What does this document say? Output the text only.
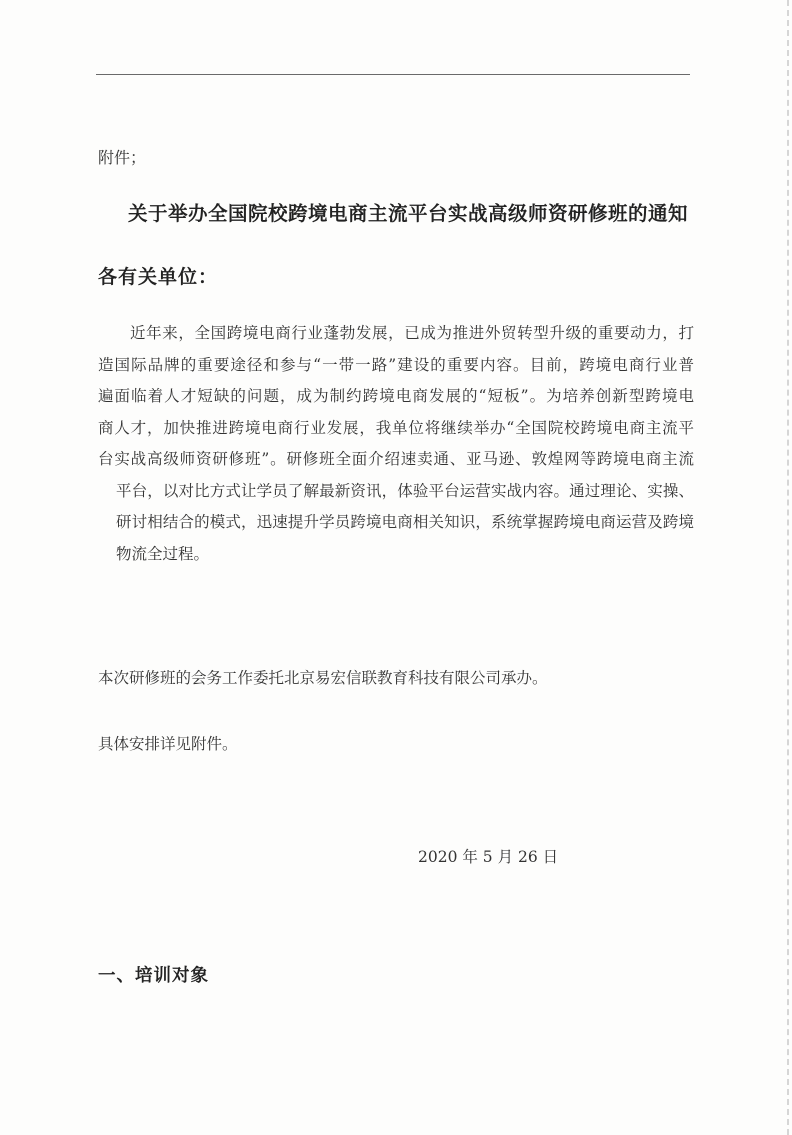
附件；
关于举办全国院校跨境电商主流平台实战高级师资研修班的通知
各有关单位：
近年来，全国跨境电商行业蓬勃发展，已成为推进外贸转型升级的重要动力，打
造国际品牌的重要途径和参与“一带一路”建设的重要内容。目前，跨境电商行业普
遍面临着人才短缺的问题，成为制约跨境电商发展的“短板”。为培养创新型跨境电
商人才，加快推进跨境电商行业发展，我单位将继续举办“全国院校跨境电商主流平
台实战高级师资研修班”。研修班全面介绍速卖通、亚马逊、敦煌网等跨境电商主流
平台，以对比方式让学员了解最新资讯，体验平台运营实战内容。通过理论、实操、
研讨相结合的模式，迅速提升学员跨境电商相关知识，系统掌握跨境电商运营及跨境
物流全过程。
本次研修班的会务工作委托北京易宏信联教育科技有限公司承办。
具体安排详见附件。
2020 年 5 月 26 日
一、培训对象
